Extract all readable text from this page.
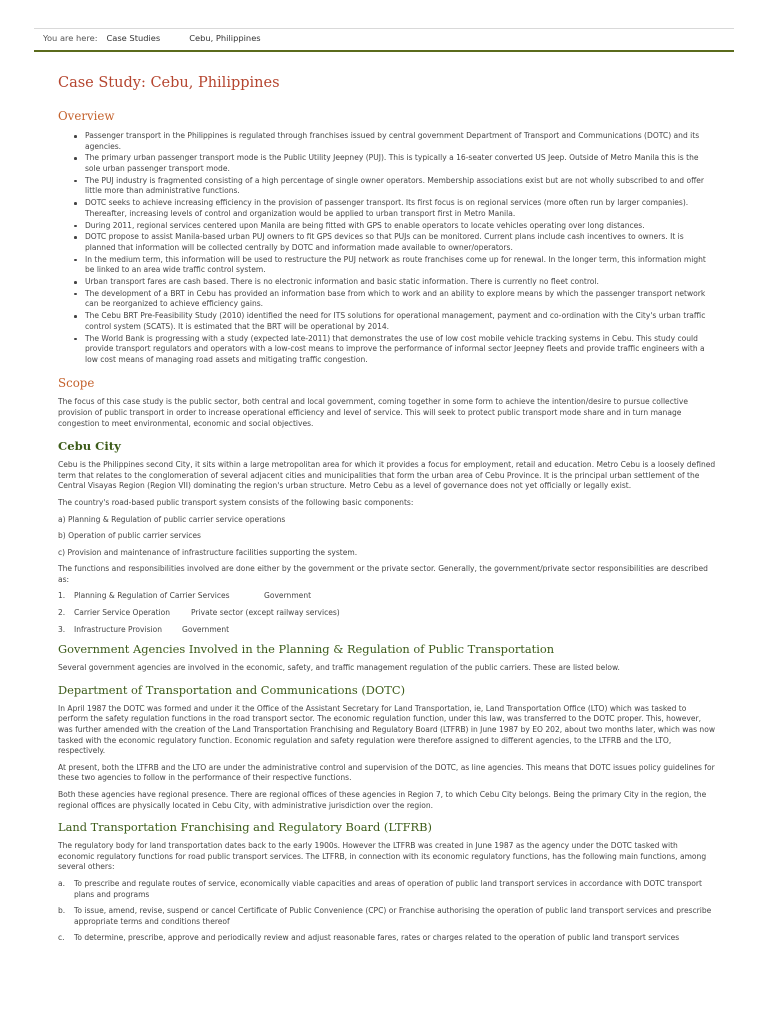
You are here: Case Studies	Cebu, Philippines
Case Study: Cebu, Philippines
Overview
Passenger transport in the Philippines is regulated through franchises issued by central government Department of Transport and Communications (DOTC) and its agencies.
The primary urban passenger transport mode is the Public Utility Jeepney (PUJ). This is typically a 16-seater converted US Jeep. Outside of Metro Manila this is the sole urban passenger transport mode.
The PUJ industry is fragmented consisting of a high percentage of single owner operators. Membership associations exist but are not wholly subscribed to and offer little more than administrative functions.
DOTC seeks to achieve increasing efficiency in the provision of passenger transport. Its first focus is on regional services (more often run by larger companies). Thereafter, increasing levels of control and organization would be applied to urban transport first in Metro Manila.
During 2011, regional services centered upon Manila are being fitted with GPS to enable operators to locate vehicles operating over long distances.
DOTC propose to assist Manila-based urban PUJ owners to fit GPS devices so that PUJs can be monitored. Current plans include cash incentives to owners. It is planned that information will be collected centrally by DOTC and information made available to owner/operators.
In the medium term, this information will be used to restructure the PUJ network as route franchises come up for renewal. In the longer term, this information might be linked to an area wide traffic control system.
Urban transport fares are cash based. There is no electronic information and basic static information. There is currently no fleet control.
The development of a BRT in Cebu has provided an information base from which to work and an ability to explore means by which the passenger transport network can be reorganized to achieve efficiency gains.
The Cebu BRT Pre-Feasibility Study (2010) identified the need for ITS solutions for operational management, payment and co-ordination with the City's urban traffic control system (SCATS). It is estimated that the BRT will be operational by 2014.
The World Bank is progressing with a study (expected late-2011) that demonstrates the use of low cost mobile vehicle tracking systems in Cebu. This study could provide transport regulators and operators with a low-cost means to improve the performance of informal sector Jeepney fleets and provide traffic engineers with a low cost means of managing road assets and mitigating traffic congestion.
Scope

The focus of this case study is the public sector, both central and local government, coming together in some form to achieve the intention/desire to pursue collective provision of public transport in order to increase operational efficiency and level of service. This will seek to protect public transport mode share and in turn manage congestion to meet environmental, economic and social objectives.

Cebu City

Cebu is the Philippines second City, it sits within a large metropolitan area for which it provides a focus for employment, retail and education. Metro Cebu is a loosely defined term that relates to the conglomeration of several adjacent cities and municipalities that form the urban area of Cebu Province. It is the principal urban settlement of the Central Visayas Region (Region VII) dominating the region's urban structure. Metro Cebu as a level of governance does not yet officially or legally exist.

The country's road-based public transport system consists of the following basic components:

a) Planning & Regulation of public carrier service operations

b) Operation of public carrier services

c) Provision and maintenance of infrastructure facilities supporting the system.

The functions and responsibilities involved are done either by the government or the private sector. Generally, the government/private sector responsibilities are described as:

1.	Planning & Regulation of Carrier Services	Government
2.	Carrier Service Operation	Private sector (except railway services)
3.	Infrastructure Provision	Government
Government Agencies Involved in the Planning & Regulation of Public Transportation

Several government agencies are involved in the economic, safety, and traffic management regulation of the public carriers. These are listed below.

Department of Transportation and Communications (DOTC)

In April 1987 the DOTC was formed and under it the Office of the Assistant Secretary for Land Transportation, ie, Land Transportation Office (LTO) which was tasked to perform the safety regulation functions in the road transport sector. The economic regulation function, under this law, was transferred to the DOTC proper. This, however, was further amended with the creation of the Land Transportation Franchising and Regulatory Board (LTFRB) in June 1987 by EO 202, about two months later, which was now tasked with the economic regulatory function. Economic regulation and safety regulation were therefore assigned to different agencies, to the LTFRB and the LTO, respectively.

At present, both the LTFRB and the LTO are under the administrative control and supervision of the DOTC, as line agencies. This means that DOTC issues policy guidelines for these two agencies to follow in the performance of their respective functions.

Both these agencies have regional presence. There are regional offices of these agencies in Region 7, to which Cebu City belongs. Being the primary City in the region, the regional offices are physically located in Cebu City, with administrative jurisdiction over the region.

Land Transportation Franchising and Regulatory Board (LTFRB)

The regulatory body for land transportation dates back to the early 1900s. However the LTFRB was created in June 1987 as the agency under the DOTC tasked with economic regulatory functions for road public transport services. The LTFRB, in connection with its economic regulatory functions, has the following main functions, among several others:

a.	To prescribe and regulate routes of service, economically viable capacities and areas of operation of public land transport services in accordance with DOTC transport plans and programs
b.	To issue, amend, revise, suspend or cancel Certificate of Public Convenience (CPC) or Franchise authorising the operation of public land transport services and prescribe appropriate terms and conditions thereof
c.	To determine, prescribe, approve and periodically review and adjust reasonable fares, rates or charges related to the operation of public land transport services
